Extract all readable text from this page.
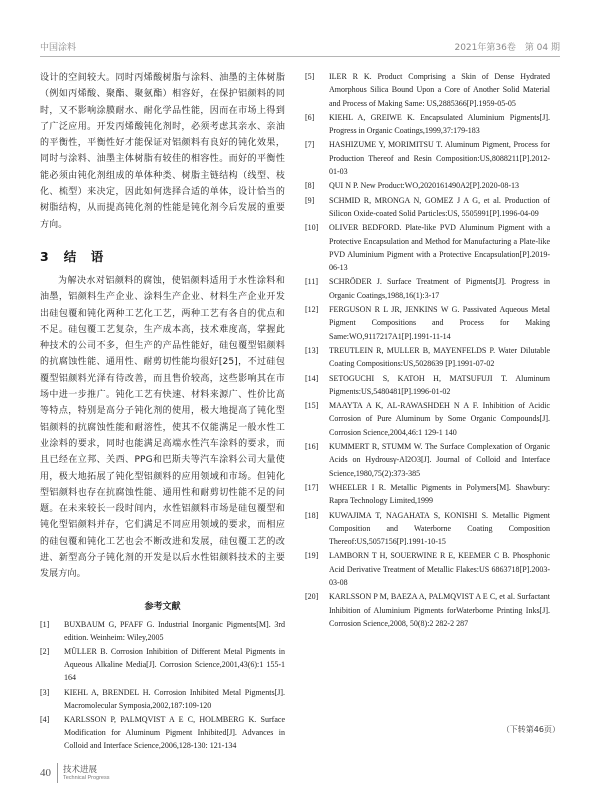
中国涂料	2021年第36卷　第 04 期

设计的空间较大。同时丙烯酸树脂与涂料、油墨的主体树脂（例如丙烯酸、聚酯、聚氨酯）相容好，在保护铝颜料的同时，又不影响涂膜耐水、耐化学品性能，因而在市场上得到了广泛应用。开发丙烯酸钝化剂时，必须考虑其亲水、亲油的平衡性，平衡性好才能保证对铝颜料有良好的钝化效果，同时与涂料、油墨主体树脂有较佳的相容性。而好的平衡性能必须由钝化剂组成的单体种类、树脂主链结构（线型、枝化、梳型）来决定，因此如何选择合适的单体，设计恰当的树脂结构，从而提高钝化剂的性能是钝化剂今后发展的重要方向。

3 结　语

为解决水对铝颜料的腐蚀，使铝颜料适用于水性涂料和油墨，铝颜料生产企业、涂料生产企业、材料生产企业开发出硅包覆和钝化两种工艺化工艺，两种工艺有各自的优点和不足。硅包覆工艺复杂，生产成本高，技术难度高，掌握此种技术的公司不多，但生产的产品性能好，硅包覆型铝颜料的抗腐蚀性能、通用性、耐剪切性能均很好[25]，不过硅包覆型铝颜料光泽有待改善，而且售价较高，这些影响其在市场中进一步推广。钝化工艺有快速、材料来源广、性价比高等特点，特别是高分子钝化剂的使用，极大地提高了钝化型铝颜料的抗腐蚀性能和耐溶性，使其不仅能满足一般水性工业涂料的要求，同时也能满足高端水性汽车涂料的要求，而且已经在立邦、关西、PPG和巴斯夫等汽车涂料公司大量使用，极大地拓展了钝化型铝颜料的应用领域和市场。但钝化型铝颜料也存在抗腐蚀性能、通用性和耐剪切性能不足的问题。在未来较长一段时间内，水性铝颜料市场是硅包覆型和钝化型铝颜料并存，它们满足不同应用领域的要求，而相应的硅包覆和钝化工艺也会不断改进和发展，硅包覆工艺的改进、新型高分子钝化剂的开发是以后水性铝颜料技术的主要发展方向。

参考文献
[1]	BUXBAUM G, PFAFF G. Industrial Inorganic Pigments[M]. 3rd edition. Weinheim: Wiley,2005
[2]	MÜLLER B. Corrosion Inhibition of Different Metal Pigments in Aqueous Alkaline Media[J]. Corrosion Science,2001,43(6):1 155-1 164
[3]	KIEHL A, BRENDEL H. Corrosion Inhibited Metal Pigments[J]. Macromolecular Symposia,2002,187:109-120
[4]	KARLSSON P, PALMQVIST A E C, HOLMBERG K. Surface Modification for Aluminum Pigment Inhibited[J]. Advances in Colloid and Interface Science,2006,128-130: 121-134
[5]	ILER R K. Product Comprising a Skin of Dense Hydrated Amorphous Silica Bound Upon a Core of Another Solid Material and Process of Making Same: US,2885366[P].1959-05-05
[6]	KIEHL A, GREIWE K. Encapsulated Aluminium Pigments[J]. Progress in Organic Coatings,1999,37:179-183
[7]	HASHIZUME Y, MORIMITSU T. Aluminum Pigment, Process for Production Thereof and Resin Composition:US,8088211[P].2012-01-03
[8]	QUI N P. New Product:WO,2020161490A2[P].2020-08-13
[9]	SCHMID R, MRONGA N, GOMEZ J A G, et al. Production of Silicon Oxide-coated Solid Particles:US, 5505991[P].1996-04-09
[10]	OLIVER BEDFORD. Plate-like PVD Aluminum Pigment with a Protective Encapsulation and Method for Manufacturing a Plate-like PVD Aluminium Pigment with a Protective Encapsulation[P].2019-06-13
[11]	SCHRÖDER J. Surface Treatment of Pigments[J]. Progress in Organic Coatings,1988,16(1):3-17
[12]	FERGUSON R L JR, JENKINS W G. Passivated Aqueous Metal Pigment Compositions and Process for Making Same:WO,9117217A1[P].1991-11-14
[13]	TREUTLEIN R, MULLER B, MAYENFELDS P. Water Dilutable Coating Compositions:US,5028639 [P].1991-07-02
[14]	SETOGUCHI S, KATOH H, MATSUFUJI T. Aluminum Pigments:US,5480481[P].1996-01-02
[15]	MAAYTA A K, AL-RAWASHDEH N A F. Inhibition of Acidic Corrosion of Pure Aluminum by Some Organic Compounds[J]. Corrosion Science,2004,46:1 129-1 140
[16]	KUMMERT R, STUMM W. The Surface Complexation of Organic Acids on Hydrousγ-Al2O3[J]. Journal of Colloid and Interface Science,1980,75(2):373-385
[17]	WHEELER I R. Metallic Pigments in Polymers[M]. Shawbury: Rapra Technology Limited,1999
[18]	KUWAJIMA T, NAGAHATA S, KONISHI S. Metallic Pigment Composition and Waterborne Coating Composition Thereof:US,5057156[P].1991-10-15
[19]	LAMBORN T H, SOUERWINE R E, KEEMER C B. Phosphonic Acid Derivative Treatment of Metallic Flakes:US 6863718[P].2003-03-08
[20]	KARLSSON P M, BAEZA A, PALMQVIST A E C, et al. Surfactant Inhibition of Aluminium Pigments forWaterborne Printing Inks[J]. Corrosion Science,2008, 50(8):2 282-2 287
（下转第46页）
40 技术进展
Technical Progress
